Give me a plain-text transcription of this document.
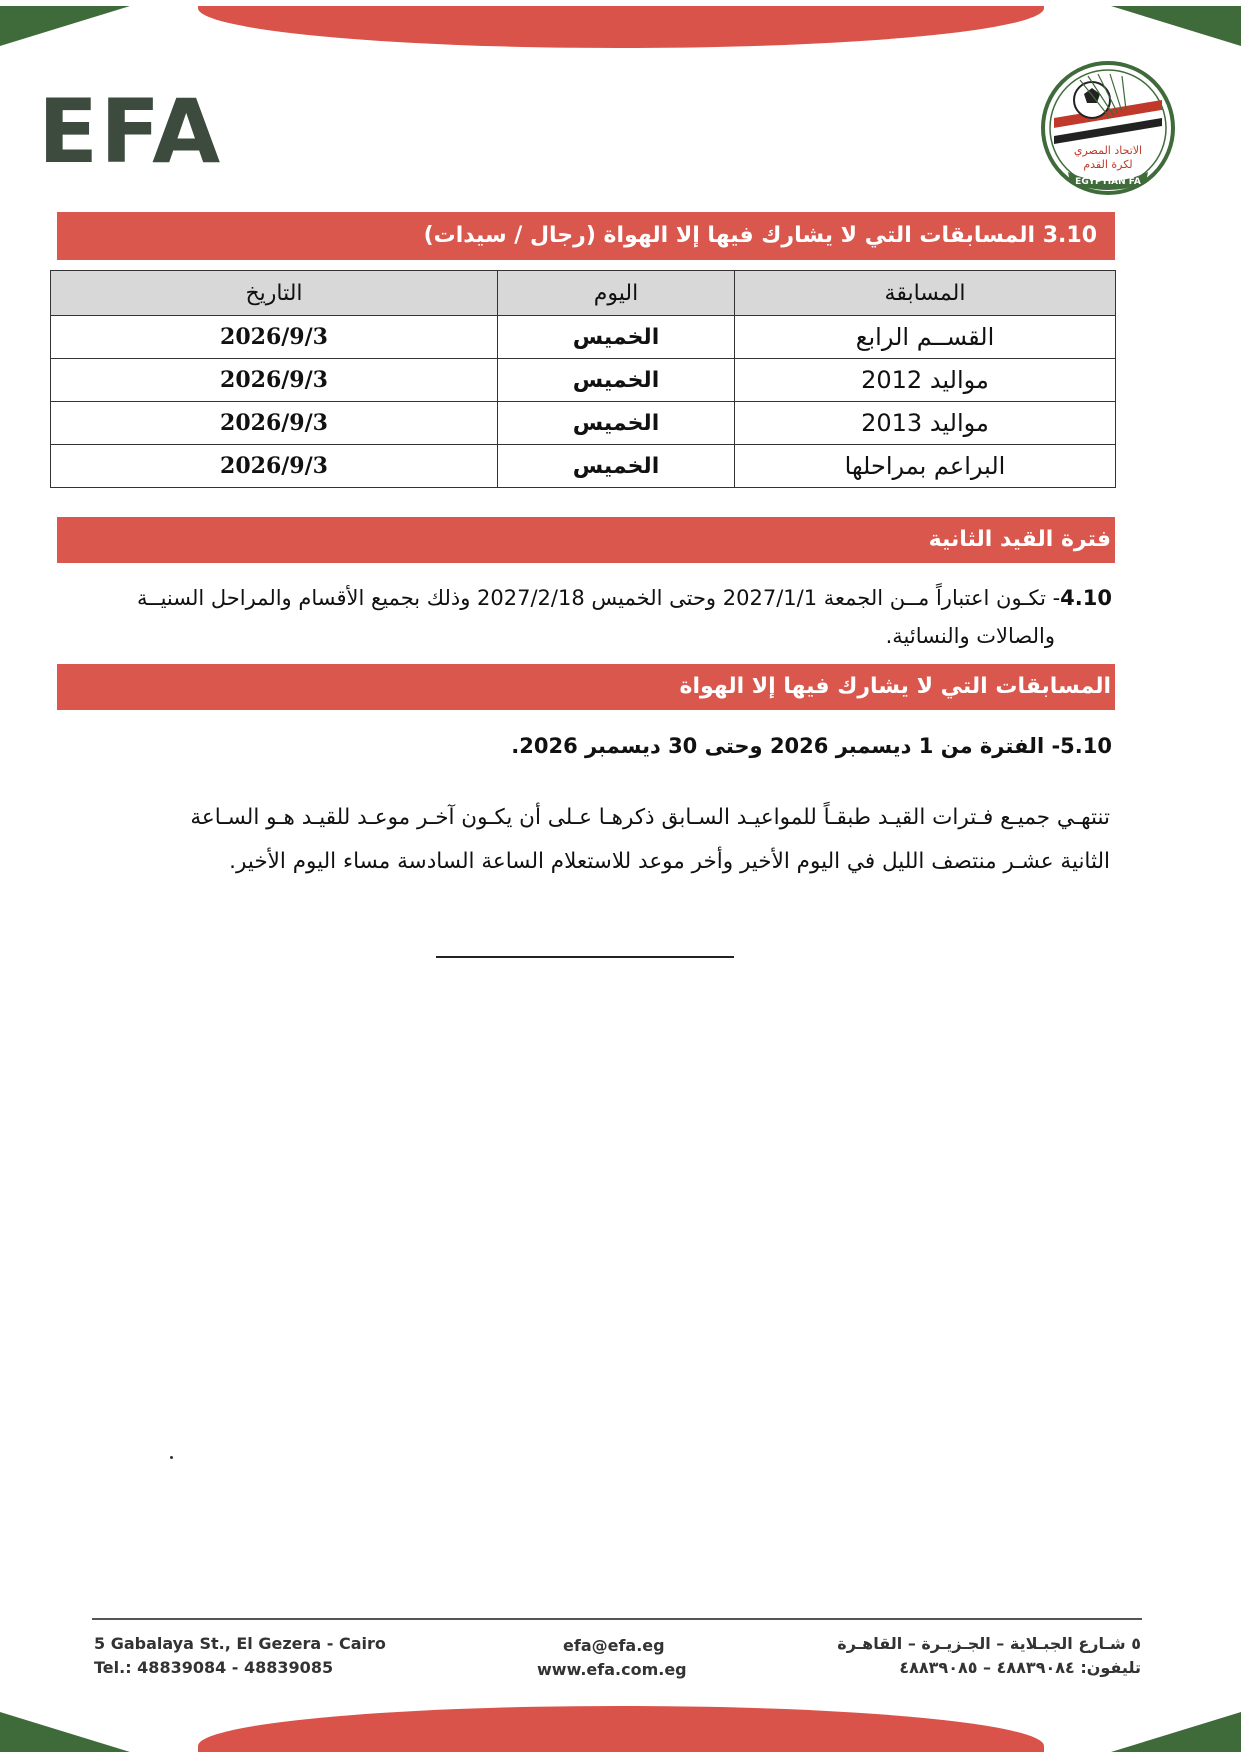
EFA	الاتحاد المصري
لكرة القدم
EGYPTIAN FA
3.10 المسابقات التي لا يشارك فيها إلا الهواة (رجال / سيدات)
المسابقة	اليوم	التاريخ
القســم الرابع	الخميس	2026/9/3
مواليد 2012	الخميس	2026/9/3
مواليد 2013	الخميس	2026/9/3
البراعم بمراحلها	الخميس	2026/9/3
فترة القيد الثانية
4.10- تكـون اعتباراً مــن الجمعة 2027/1/1 وحتى الخميس 2027/2/18 وذلك بجميع الأقسام والمراحل السنيــة
والصالات والنسائية.
المسابقات التي لا يشارك فيها إلا الهواة
5.10- الفترة من 1 ديسمبر 2026 وحتى 30 ديسمبر 2026.
تنتهـي جميـع فـترات القيـد طبقـاً للمواعيـد السـابق ذكرهـا عـلى أن يكـون آخـر موعـد للقيـد هـو السـاعة
الثانية عشـر منتصف الليل في اليوم الأخير وأخر موعد للاستعلام الساعة السادسة مساء اليوم الأخير.
5 Gabalaya St., El Gezera - Cairo
Tel.: 48839084 - 48839085
efa@efa.eg
www.efa.com.eg
٥ شـارع الجبـلاية – الجـزيـرة – القاهـرة
تليفون: ٤٨٨٣٩٠٨٤ – ٤٨٨٣٩٠٨٥
